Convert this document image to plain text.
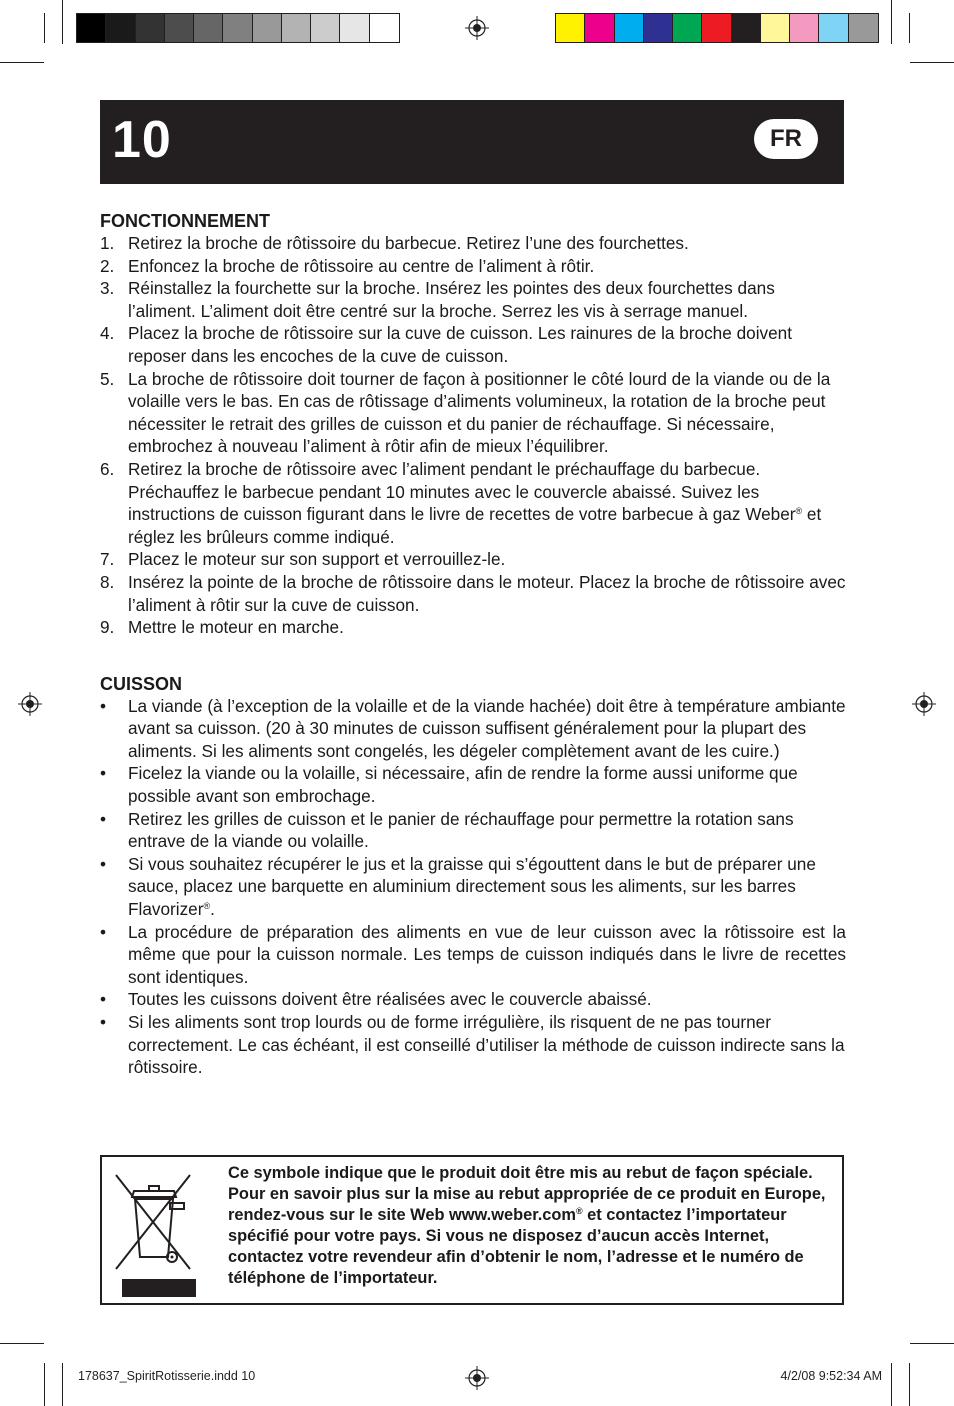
10	FR
FONCTIONNEMENT
1. Retirez la broche de rôtissoire du barbecue. Retirez l’une des fourchettes.
2. Enfoncez la broche de rôtissoire au centre de l’aliment à rôtir.
3. Réinstallez la fourchette sur la broche. Insérez les pointes des deux fourchettes dans l’aliment. L’aliment doit être centré sur la broche. Serrez les vis à serrage manuel.
4. Placez la broche de rôtissoire sur la cuve de cuisson. Les rainures de la broche doivent reposer dans les encoches de la cuve de cuisson.
5. La broche de rôtissoire doit tourner de façon à positionner le côté lourd de la viande ou de la volaille vers le bas. En cas de rôtissage d’aliments volumineux, la rotation de la broche peut nécessiter le retrait des grilles de cuisson et du panier de réchauffage. Si nécessaire, embrochez à nouveau l’aliment à rôtir afin de mieux l’équilibrer.
6. Retirez la broche de rôtissoire avec l’aliment pendant le préchauffage du barbecue. Préchauffez le barbecue pendant 10 minutes avec le couvercle abaissé. Suivez les instructions de cuisson figurant dans le livre de recettes de votre barbecue à gaz Weber® et réglez les brûleurs comme indiqué.
7. Placez le moteur sur son support et verrouillez-le.
8. Insérez la pointe de la broche de rôtissoire dans le moteur. Placez la broche de rôtissoire avec l’aliment à rôtir sur la cuve de cuisson.
9. Mettre le moteur en marche.
CUISSON
• La viande (à l’exception de la volaille et de la viande hachée) doit être à température ambiante avant sa cuisson. (20 à 30 minutes de cuisson suffisent généralement pour la plupart des aliments. Si les aliments sont congelés, les dégeler complètement avant de les cuire.)
• Ficelez la viande ou la volaille, si nécessaire, afin de rendre la forme aussi uniforme que possible avant son embrochage.
• Retirez les grilles de cuisson et le panier de réchauffage pour permettre la rotation sans entrave de la viande ou volaille.
• Si vous souhaitez récupérer le jus et la graisse qui s’égouttent dans le but de préparer une sauce, placez une barquette en aluminium directement sous les aliments, sur les barres Flavorizer®.
• La procédure de préparation des aliments en vue de leur cuisson avec la rôtissoire est la même que pour la cuisson normale. Les temps de cuisson indiqués dans le livre de recettes sont identiques.
• Toutes les cuissons doivent être réalisées avec le couvercle abaissé.
• Si les aliments sont trop lourds ou de forme irrégulière, ils risquent de ne pas tourner correctement. Le cas échéant, il est conseillé d’utiliser la méthode de cuisson indirecte sans la rôtissoire.
Ce symbole indique que le produit doit être mis au rebut de façon spéciale. Pour en savoir plus sur la mise au rebut appropriée de ce produit en Europe, rendez-vous sur le site Web www.weber.com® et contactez l’importateur spécifié pour votre pays. Si vous ne disposez d’aucun accès Internet, contactez votre revendeur afin d’obtenir le nom, l’adresse et le numéro de téléphone de l’importateur.
178637_SpiritRotisserie.indd 10	4/2/08 9:52:34 AM
